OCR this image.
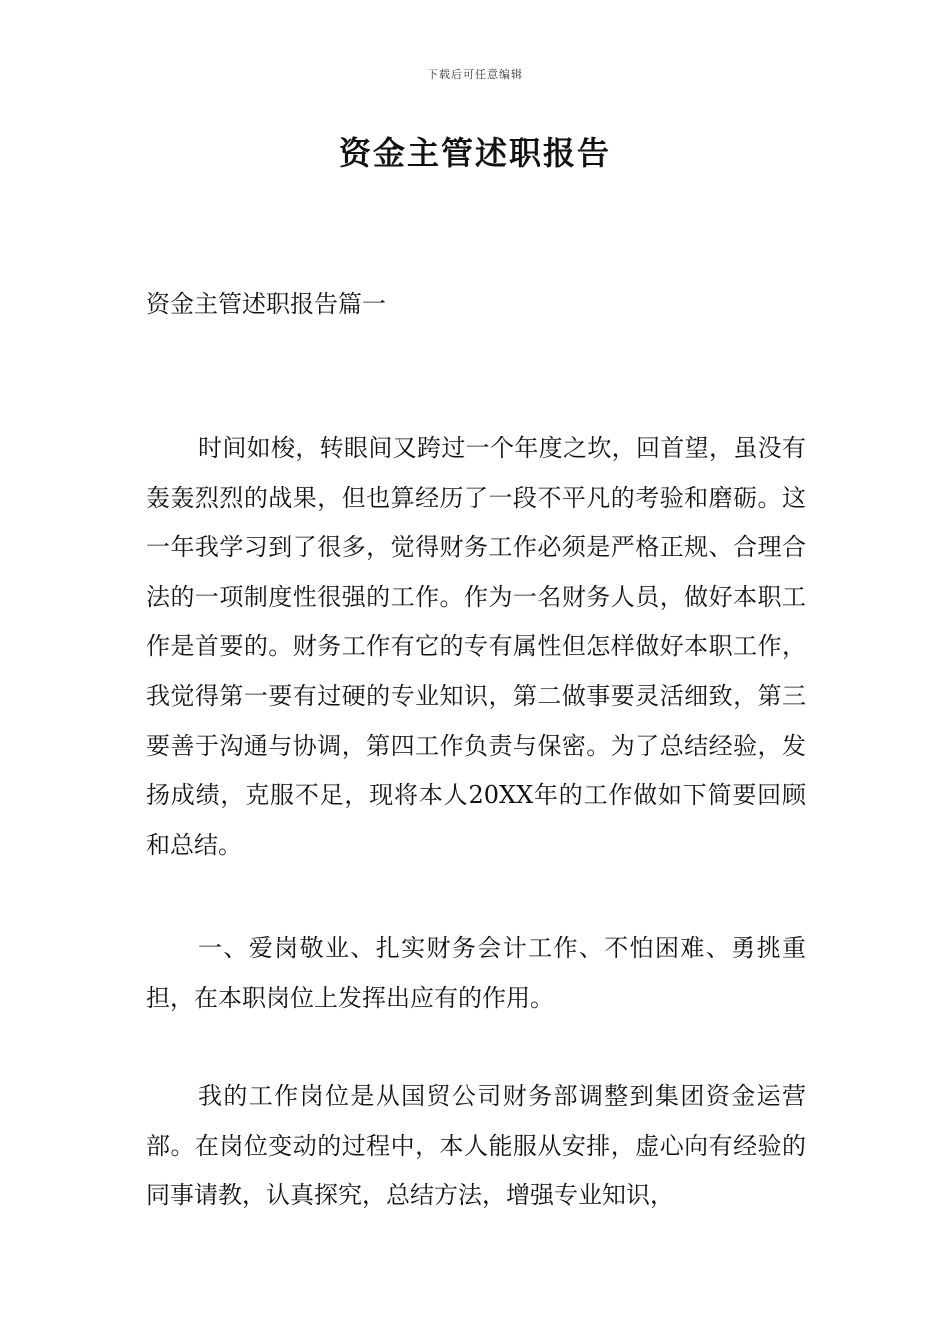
下载后可任意编辑
资金主管述职报告
资金主管述职报告篇一

时间如梭，转眼间又跨过一个年度之坎，回首望，虽没有轰轰烈烈的战果，但也算经历了一段不平凡的考验和磨砺。这一年我学习到了很多，觉得财务工作必须是严格正规、合理合法的一项制度性很强的工作。作为一名财务人员，做好本职工作是首要的。财务工作有它的专有属性但怎样做好本职工作，我觉得第一要有过硬的专业知识，第二做事要灵活细致，第三要善于沟通与协调，第四工作负责与保密。为了总结经验，发扬成绩，克服不足，现将本人20XX年的工作做如下简要回顾和总结。

一、爱岗敬业、扎实财务会计工作、不怕困难、勇挑重担，在本职岗位上发挥出应有的作用。

我的工作岗位是从国贸公司财务部调整到集团资金运营部。在岗位变动的过程中，本人能服从安排，虚心向有经验的同事请教，认真探究，总结方法，增强专业知识，
